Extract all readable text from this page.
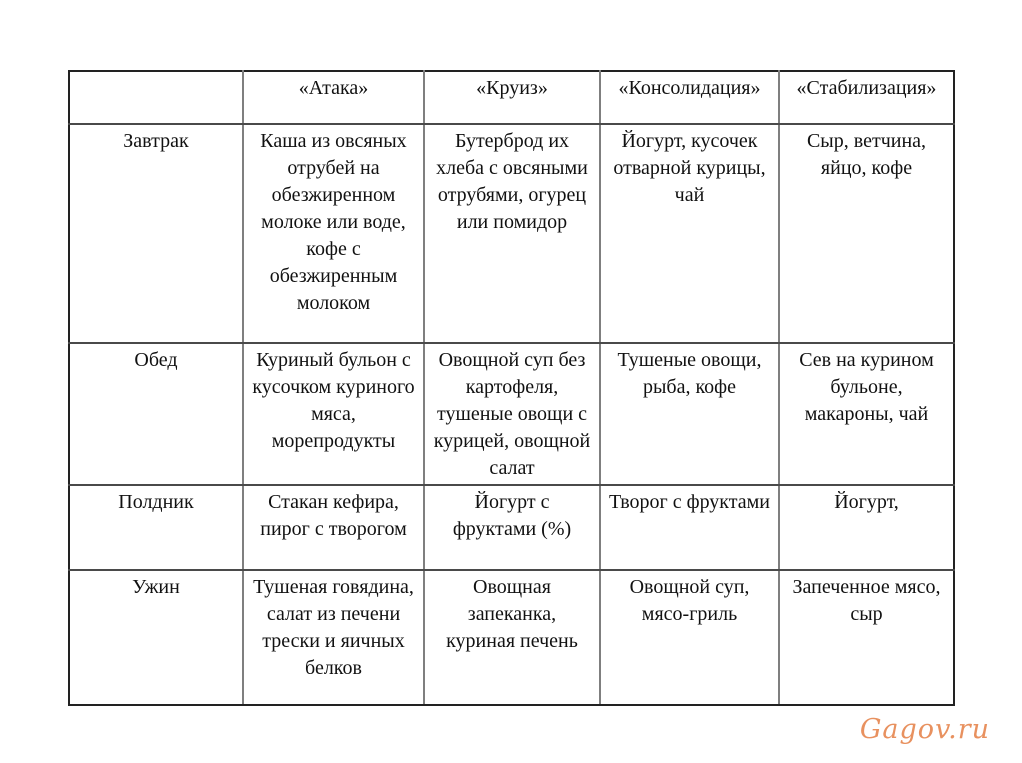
	«Атака»	«Круиз»	«Консолидация»	«Стабилизация»
Завтрак	Каша из овсяных отрубей на обезжиренном молоке или воде, кофе с обезжиренным молоком	Бутерброд их хлеба с овсяными отрубями, огурец или помидор	Йогурт, кусочек отварной курицы, чай	Сыр, ветчина, яйцо, кофе
Обед	Куриный бульон с кусочком куриного мяса, морепродукты	Овощной суп без картофеля, тушеные овощи с курицей, овощной салат	Тушеные овощи, рыба, кофе	Сев на курином бульоне, макароны, чай
Полдник	Стакан кефира, пирог с творогом	Йогурт с фруктами (%)	Творог с фруктами	Йогурт,
Ужин	Тушеная говядина, салат из печени трески и яичных белков	Овощная запеканка, куриная печень	Овощной суп, мясо-гриль	Запеченное мясо, сыр
Gagov.ru
